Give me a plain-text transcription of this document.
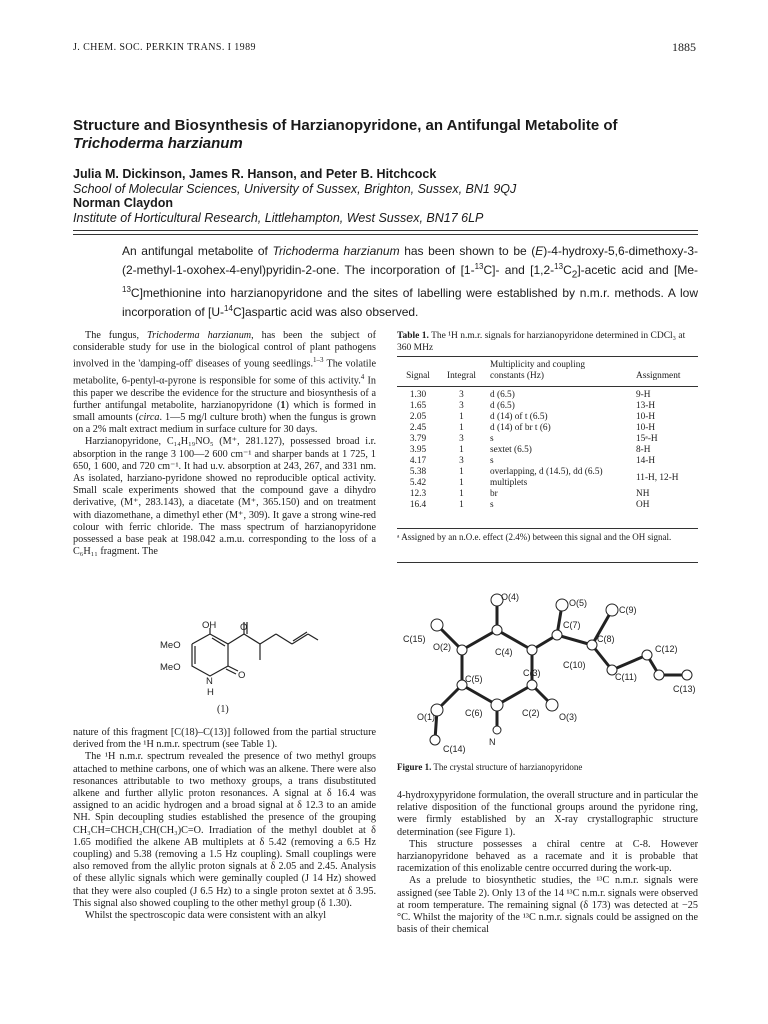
J. CHEM. SOC. PERKIN TRANS. I 1989	1885
Structure and Biosynthesis of Harzianopyridone, an Antifungal Metabolite of
Trichoderma harzianum
Julia M. Dickinson, James R. Hanson, and Peter B. Hitchcock
School of Molecular Sciences, University of Sussex, Brighton, Sussex, BN1 9QJ
Norman Claydon
Institute of Horticultural Research, Littlehampton, West Sussex, BN17 6LP
An antifungal metabolite of Trichoderma harzianum has been shown to be (E)-4-hydroxy-5,6-dimethoxy-3-(2-methyl-1-oxohex-4-enyl)pyridin-2-one. The incorporation of [1-$^{13}$C]- and $[1,2-^{13}C_2]$-acetic acid and [Me-$^{13}$C]methionine into harzianopyridone and the sites of labelling were established by n.m.r. methods. A low incorporation of [U-$^{14}$C]aspartic acid was also observed.

The fungus, Trichoderma harzianum, has been the subject of considerable study for use in the biological control of plant pathogens involved in the 'damping-off' diseases of young seedlings.$^{1-3}$ The volatile metabolite, 6-pentyl-α-pyrone is responsible for some of this activity.$^4$ In this paper we describe the evidence for the structure and biosynthesis of a further antifungal metabolite, harzianopyridone (1) which is formed in small amounts (circa. 1—5 mg/l culture broth) when the fungus is grown on a 2% malt extract medium in surface culture for 30 days.

Harzianopyridone, C₁₄H₁₉NO₅ (M⁺, 281.127), possessed broad i.r. absorption in the range 3 100—2 600 cm⁻¹ and sharper bands at 1 725, 1 650, 1 600, and 720 cm⁻¹. It had u.v. absorption at 243, 267, and 331 nm. As isolated, harziano-pyridone showed no reproducible optical activity. Small scale experiments showed that the compound gave a dihydro derivative, (M⁺, 283.143), a diacetate (M⁺, 365.150) and on treatment with diazomethane, a dimethyl ether (M⁺, 309). It gave a strong wine-red colour with ferric chloride. The mass spectrum of harzianopyridone possessed a base peak at 198.042 a.m.u. corresponding to the loss of a C₆H₁₁ fragment. The

O
OH
MeO
MeO
N
H
O
(1)

nature of this fragment [C(18)–C(13)] followed from the partial structure derived from the ¹H n.m.r. spectrum (see Table 1).

The ¹H n.m.r. spectrum revealed the presence of two methyl groups attached to methine carbons, one of which was an alkene. There were also resonances attributable to two methoxy groups, a trans disubstituted alkene and further allylic proton resonances. A signal at δ 16.4 was assigned to an acidic hydrogen and a broad signal at δ 12.3 to an amide NH. Spin decoupling studies established the presence of the grouping CH₃CH=CHCH₂CH(CH₃)C=O. Irradiation of the methyl doublet at δ 1.65 modified the alkene AB multiplets at δ 5.42 (removing a 6.5 Hz coupling) and 5.38 (removing a 1.5 Hz coupling). Small couplings were also removed from the allylic proton signals at δ 2.05 and 2.45. Analysis of these allylic signals which were geminally coupled (J 14 Hz) showed that they were also coupled (J 6.5 Hz) to a single proton sextet at δ 3.95. This signal also showed coupling to the other methyl group (δ 1.30).

Whilst the spectroscopic data were consistent with an alkyl

Table 1. The ¹H n.m.r. signals for harzianopyridone determined in CDCl₃ at 360 MHz
		Multiplicity and coupling	
Signal	Integral	constants (Hz)	Assignment

1.30	3	d (6.5)	9-H
1.65	3	d (6.5)	13-H
2.05	1	d (14) of t (6.5)	10-H
2.45	1	d (14) of br t (6)	10-H
3.79	3	s	15ᵃ-H
3.95	1	sextet (6.5)	8-H
4.17	3	s	14-H
5.38	1	overlapping, d (14.5), dd (6.5)	11-H, 12-H
5.42	1	multiplets	
12.3	1	br	NH
16.4	1	s	OH
ᵃ Assigned by an n.O.e. effect (2.4%) between this signal and the OH signal.
O(4)
O(5)
C(9)
C(15)
O(2)	C(4)
C(7)
C(8)
C(5)
C(3)
C(10)
C(12)
C(11)
C(13)
C(6)	C(2)
O(1)
N
O(3)
C(14)
Figure 1. The crystal structure of harzianopyridone

4-hydroxypyridone formulation, the overall structure and in particular the relative disposition of the functional groups around the pyridone ring, were firmly established by an X-ray crystallographic structure determination (see Figure 1).

This structure possesses a chiral centre at C-8. However harzianopyridone behaved as a racemate and it is probable that racemization of this enolizable centre occurred during the work-up.

As a prelude to biosynthetic studies, the ¹³C n.m.r. signals were assigned (see Table 2). Only 13 of the 14 ¹³C n.m.r. signals were observed at room temperature. The remaining signal (δ 173) was detected at −25 °C. Whilst the majority of the ¹³C n.m.r. signals could be assigned on the basis of their chemical
